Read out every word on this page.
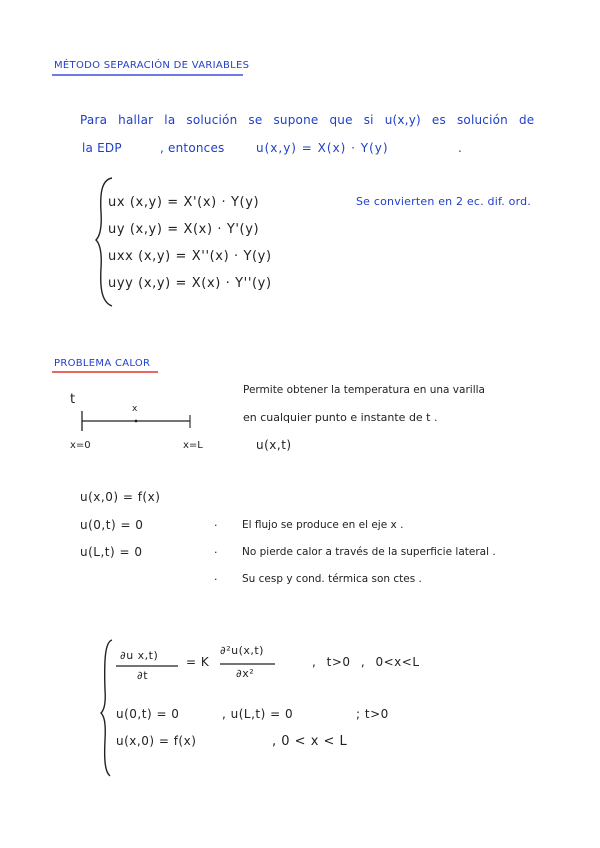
MÉTODO SEPARACIÓN DE VARIABLES
Para hallar la solución se supone que si u(x,y) es solución de
la EDP	, entonces	u(x,y) = X(x) · Y(y)	.
ux (x,y) = X'(x) · Y(y)
uy (x,y) = X(x) · Y'(y)
uxx (x,y) = X''(x) · Y(y)
uyy (x,y) = X(x) · Y''(y)
Se convierten en 2 ec. dif. ord.
PROBLEMA CALOR
t
x
x=0	x=L
Permite obtener la temperatura en una varilla
en cualquier punto e instante de t .
u(x,t)
u(x,0) = f(x)
u(0,t) = 0
u(L,t) = 0
· El flujo se produce en el eje x .
· No pierde calor a través de la superficie lateral .
· Su cesp y cond. térmica son ctes .
∂u x,t)
∂t
= K
∂²u(x,t)
∂x²
, t>0 , 0<x<L
u(0,t) = 0	, u(L,t) = 0	; t>0
u(x,0) = f(x)	, 0 < x < L
